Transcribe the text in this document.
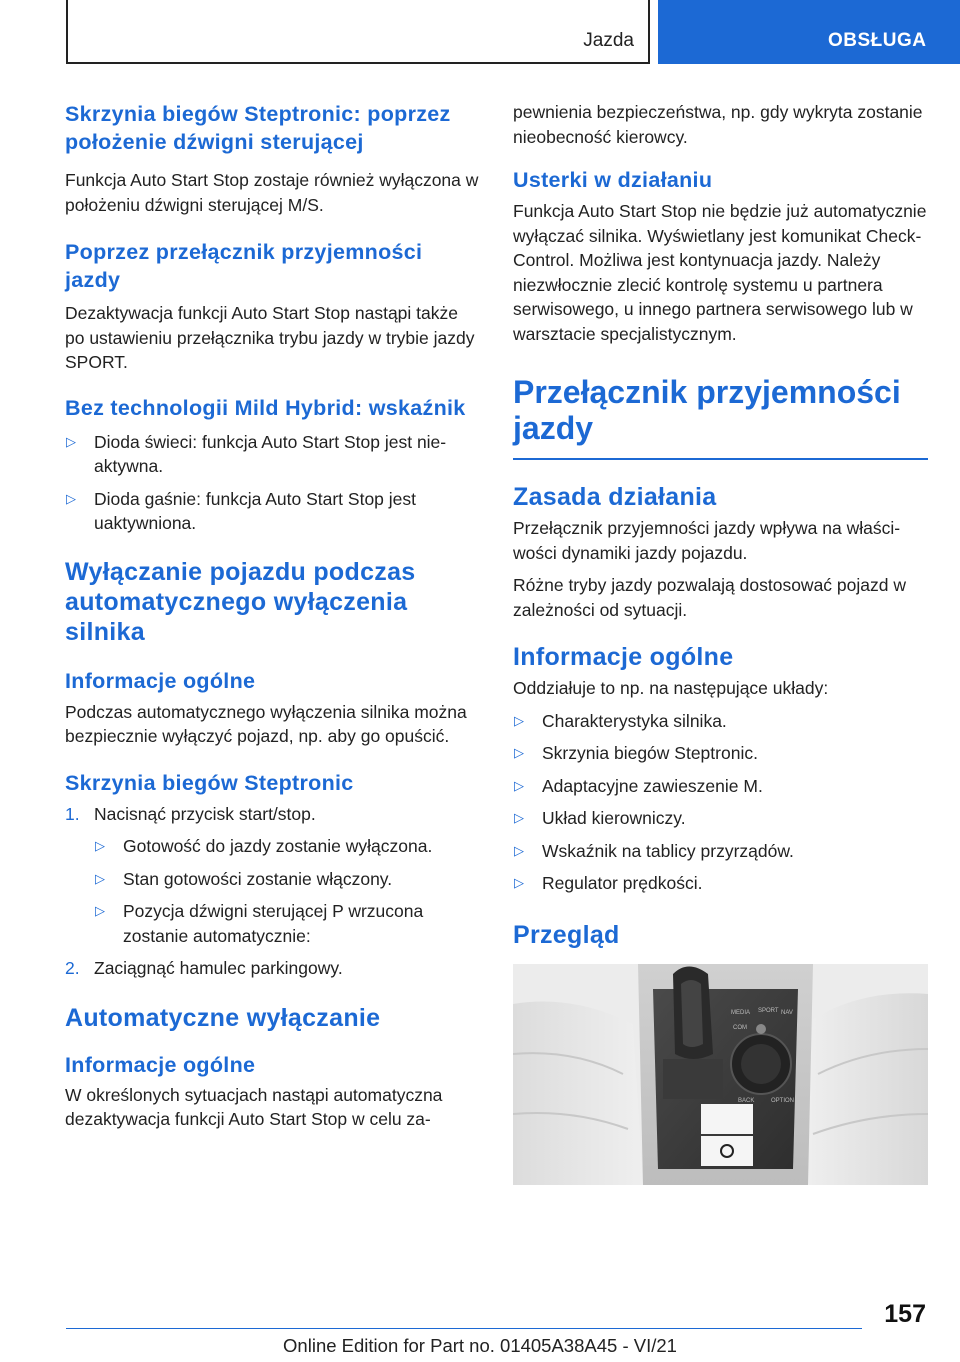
Jazda	OBSŁUGA
Skrzynia biegów Steptronic: poprzez położenie dźwigni sterującej
Funkcja Auto Start Stop zostaje również wyłączona w położeniu dźwigni sterującej M/S.
Poprzez przełącznik przyjemności jazdy
Dezaktywacja funkcji Auto Start Stop nastąpi także po ustawieniu przełącznika trybu jazdy w trybie jazdy SPORT.
Bez technologii Mild Hybrid: wskaźnik
▷ Dioda świeci: funkcja Auto Start Stop jest nieaktywna.
▷ Dioda gaśnie: funkcja Auto Start Stop jest uaktywniona.
Wyłączanie pojazdu podczas automatycznego wyłączenia silnika
Informacje ogólne
Podczas automatycznego wyłączenia silnika można bezpiecznie wyłączyć pojazd, np. aby go opuścić.
Skrzynia biegów Steptronic
1. Nacisnąć przycisk start/stop.
▷ Gotowość do jazdy zostanie wyłączona.
▷ Stan gotowości zostanie włączony.
▷ Pozycja dźwigni sterującej P wrzucona zostanie automatycznie:
2. Zaciągnąć hamulec parkingowy.
Automatyczne wyłączanie
Informacje ogólne
W określonych sytuacjach nastąpi automatyczna dezaktywacja funkcji Auto Start Stop w celu za-
pewnienia bezpieczeństwa, np. gdy wykryta zostanie nieobecność kierowcy.
Usterki w działaniu
Funkcja Auto Start Stop nie będzie już automatycznie wyłączać silnika. Wyświetlany jest komunikat Check-Control. Możliwa jest kontynuacja jazdy. Należy niezwłocznie zlecić kontrolę systemu u partnera serwisowego, u innego partnera serwisowego lub w warsztacie specjalistycznym.
Przełącznik przyjemności jazdy
Zasada działania
Przełącznik przyjemności jazdy wpływa na właściwości dynamiki jazdy pojazdu.
Różne tryby jazdy pozwalają dostosować pojazd w zależności od sytuacji.
Informacje ogólne
Oddziałuje to np. na następujące układy:
▷ Charakterystyka silnika.
▷ Skrzynia biegów Steptronic.
▷ Adaptacyjne zawieszenie M.
▷ Układ kierowniczy.
▷ Wskaźnik na tablicy przyrządów.
▷ Regulator prędkości.
Przegląd
MEDIA SPORT NAV
COM
BACK	OPTION
157
Online Edition for Part no. 01405A38A45 - VI/21
